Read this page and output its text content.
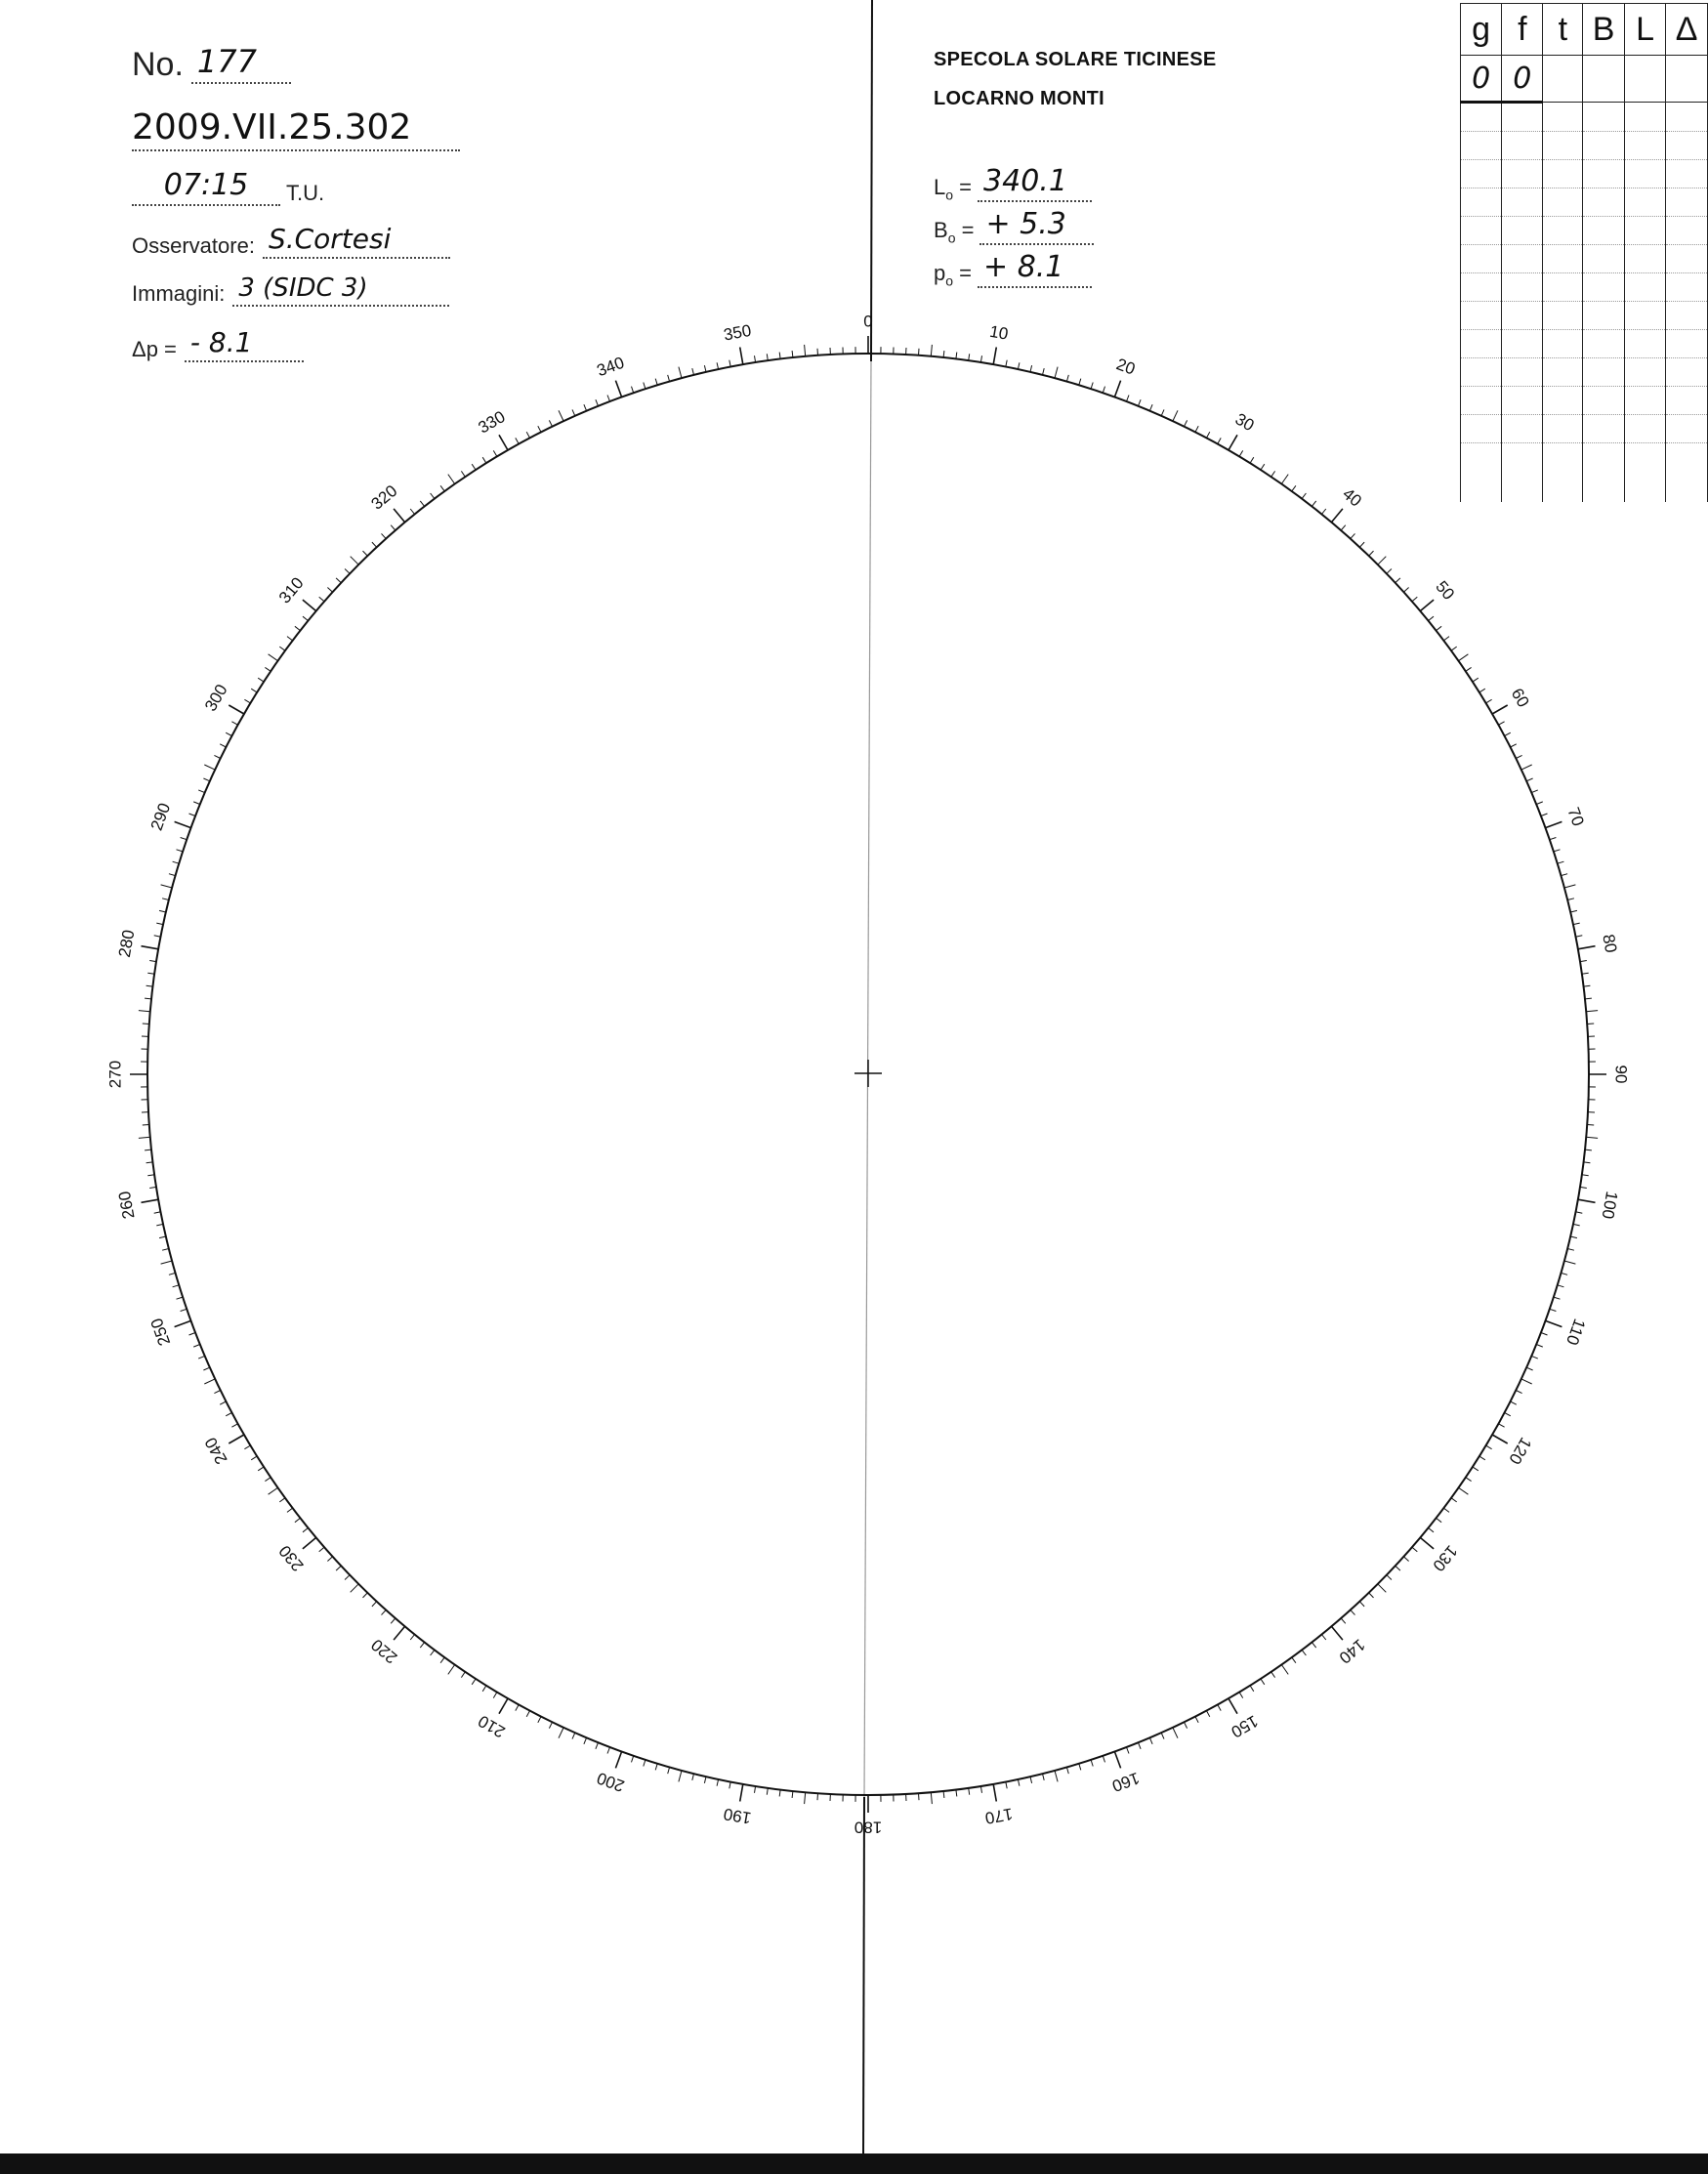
No. 177
2009.VII.25.302
07:15	T.U.
Osservatore: S.Cortesi
Immagini: 3 (SIDC 3)
Δp = - 8.1
SPECOLA SOLARE TICINESE
LOCARNO MONTI
$L_o = 340.1$
$B_o$ = + 5.3
$p_o$ = + 8.1
g	f	t	B	L	Δ
0	0				

0
10
20
30
40
50
60
70
80
90
100
110
120
130
140
150
160
170
180
190
200
210
220
230
240
250
260
270
280
290
300
310
320
330
340
350
